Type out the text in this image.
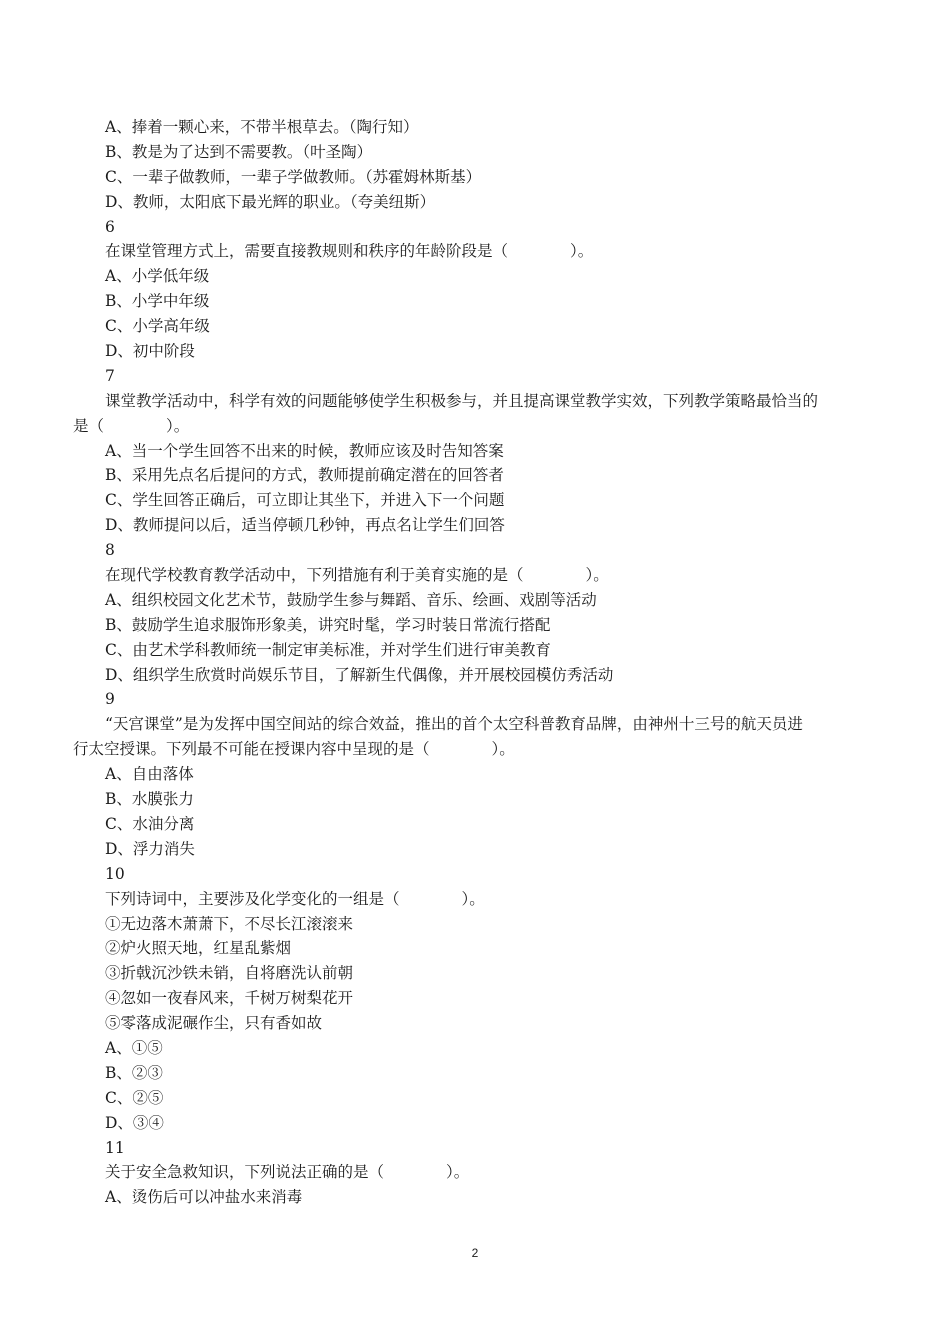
A、捧着一颗心来，不带半根草去。（陶行知）
B、教是为了达到不需要教。（叶圣陶）
C、一辈子做教师，一辈子学做教师。（苏霍姆林斯基）
D、教师，太阳底下最光辉的职业。（夸美纽斯）
6
在课堂管理方式上，需要直接教规则和秩序的年龄阶段是（　　　　）。
A、小学低年级
B、小学中年级
C、小学高年级
D、初中阶段
7
课堂教学活动中，科学有效的问题能够使学生积极参与，并且提高课堂教学实效，下列教学策略最恰当的
是（　　　　）。
A、当一个学生回答不出来的时候，教师应该及时告知答案
B、采用先点名后提问的方式，教师提前确定潜在的回答者
C、学生回答正确后，可立即让其坐下，并进入下一个问题
D、教师提问以后，适当停顿几秒钟，再点名让学生们回答
8
在现代学校教育教学活动中，下列措施有利于美育实施的是（　　　　）。
A、组织校园文化艺术节，鼓励学生参与舞蹈、音乐、绘画、戏剧等活动
B、鼓励学生追求服饰形象美，讲究时髦，学习时装日常流行搭配
C、由艺术学科教师统一制定审美标准，并对学生们进行审美教育
D、组织学生欣赏时尚娱乐节目，了解新生代偶像，并开展校园模仿秀活动
9
“天宫课堂”是为发挥中国空间站的综合效益，推出的首个太空科普教育品牌，由神州十三号的航天员进
行太空授课。下列最不可能在授课内容中呈现的是（　　　　）。
A、自由落体
B、水膜张力
C、水油分离
D、浮力消失
10
下列诗词中，主要涉及化学变化的一组是（　　　　）。
①无边落木萧萧下，不尽长江滚滚来
②炉火照天地，红星乱紫烟
③折戟沉沙铁未销，自将磨洗认前朝
④忽如一夜春风来，千树万树梨花开
⑤零落成泥碾作尘，只有香如故
A、①⑤
B、②③
C、②⑤
D、③④
11
关于安全急救知识，下列说法正确的是（　　　　）。
A、烫伤后可以冲盐水来消毒
2
